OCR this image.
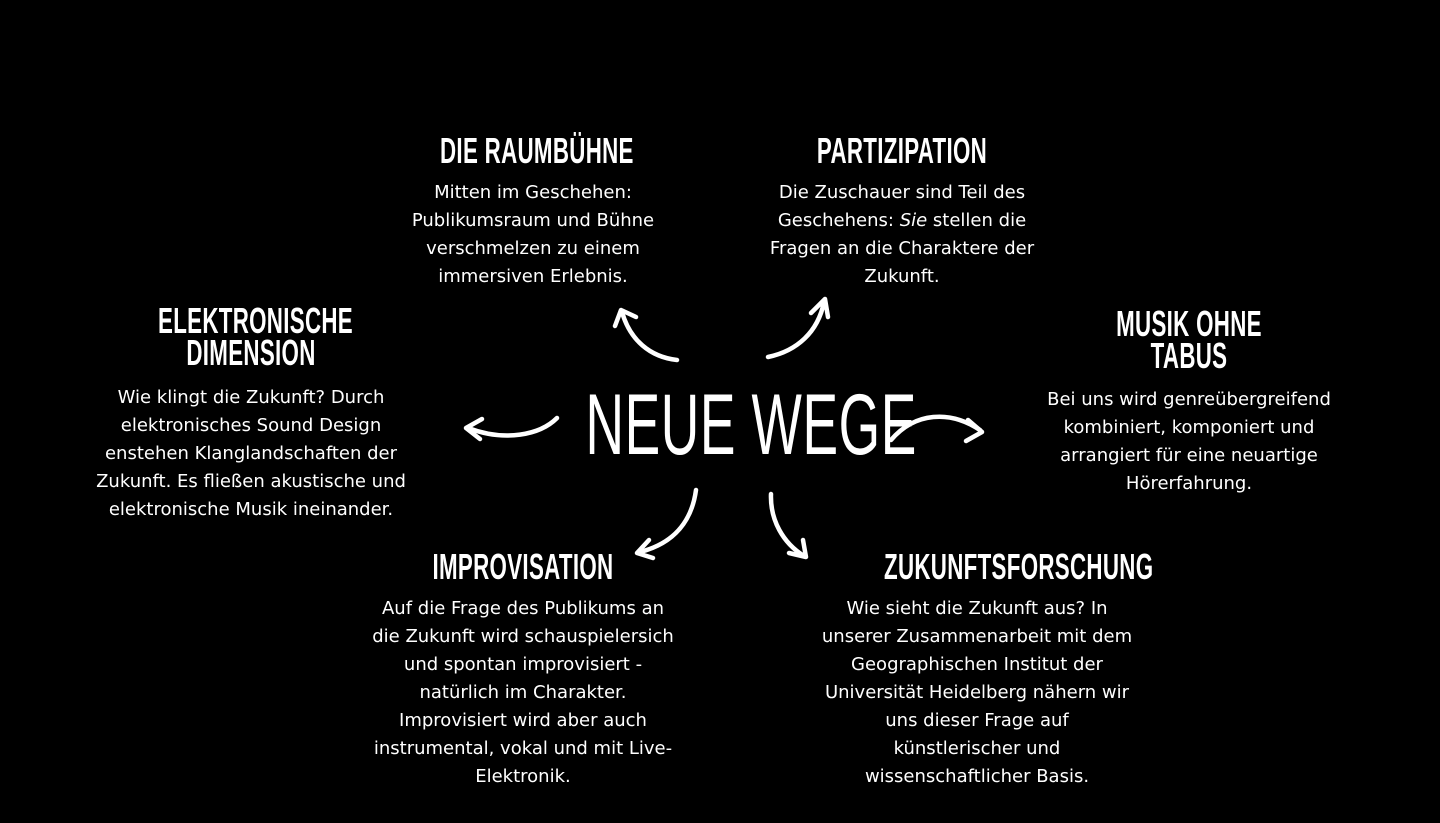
NEUE WEGE
DIE RAUMBÜHNE
Mitten im Geschehen:
Publikumsraum und Bühne
verschmelzen zu einem
immersiven Erlebnis.
PARTIZIPATION
Die Zuschauer sind Teil des
Geschehens: Sie stellen die
Fragen an die Charaktere der
Zukunft.
ELEKTRONISCHE
DIMENSION
Wie klingt die Zukunft? Durch
elektronisches Sound Design
enstehen Klanglandschaften der
Zukunft. Es fließen akustische und
elektronische Musik ineinander.
MUSIK OHNE
TABUS
Bei uns wird genreübergreifend
kombiniert, komponiert und
arrangiert für eine neuartige
Hörerfahrung.
IMPROVISATION
Auf die Frage des Publikums an
die Zukunft wird schauspielersich
und spontan improvisiert -
natürlich im Charakter.
Improvisiert wird aber auch
instrumental, vokal und mit Live-
Elektronik.
ZUKUNFTSFORSCHUNG
Wie sieht die Zukunft aus? In
unserer Zusammenarbeit mit dem
Geographischen Institut der
Universität Heidelberg nähern wir
uns dieser Frage auf
künstlerischer und
wissenschaftlicher Basis.
